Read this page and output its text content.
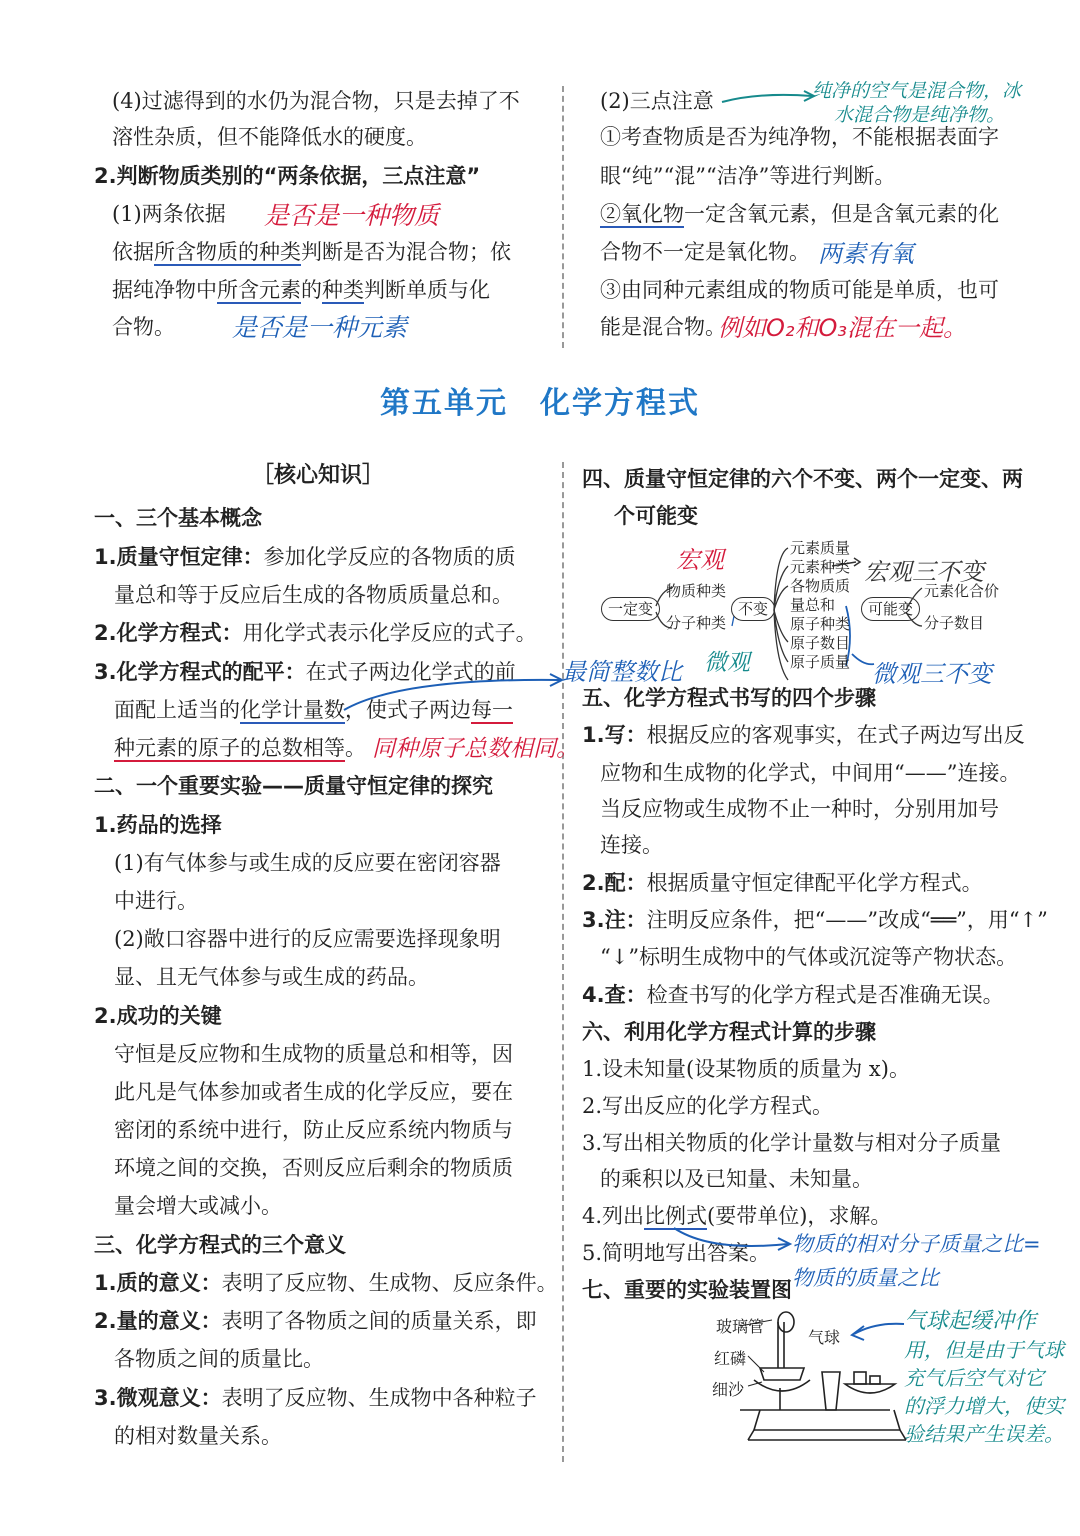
(4)过滤得到的水仍为混合物，只是去掉了不
溶性杂质，但不能降低水的硬度。
2.判断物质类别的“两条依据，三点注意”
(1)两条依据 是否是一种物质
依据所含物质的种类判断是否为混合物；依
据纯净物中所含元素的种类判断单质与化
合物。 是否是一种元素
(2)三点注意	纯净的空气是混合物，冰
水混合物是纯净物。
①考查物质是否为纯净物，不能根据表面字
眼“纯”“混”“洁净”等进行判断。
②氧化物一定含氧元素，但是含氧元素的化
合物不一定是氧化物。 两素有氧
③由同种元素组成的物质可能是单质，也可
能是混合物。
例如O₂和O₃混在一起。
第五单元　化学方程式
［核心知识］
一、三个基本概念
1.质量守恒定律：参加化学反应的各物质的质
量总和等于反应后生成的各物质质量总和。
2.化学方程式：用化学式表示化学反应的式子。
3.化学方程式的配平：在式子两边化学式的前 最简整数比
面配上适当的化学计量数，使式子两边每一
种元素的原子的总数相等。 同种原子总数相同。
二、一个重要实验——质量守恒定律的探究
1.药品的选择
(1)有气体参与或生成的反应要在密闭容器
中进行。
(2)敞口容器中进行的反应需要选择现象明
显、且无气体参与或生成的药品。
2.成功的关键
守恒是反应物和生成物的质量总和相等，因
此凡是气体参加或者生成的化学反应，要在
密闭的系统中进行，防止反应系统内物质与
环境之间的交换，否则反应后剩余的物质质
量会增大或减小。
三、化学方程式的三个意义
1.质的意义：表明了反应物、生成物、反应条件。
2.量的意义：表明了各物质之间的质量关系，即
各物质之间的质量比。
3.微观意义：表明了反应物、生成物中各种粒子
的相对数量关系。
四、质量守恒定律的六个不变、两个一定变、两
个可能变
一定变
物质种类
分子种类
宏观
微观
不变
元素质量
元素种类
各物质质
量总和
原子种类
原子数目
原子质量
宏观三不变
微观三不变
可能变
元素化合价
分子数目
五、化学方程式书写的四个步骤
1.写：根据反应的客观事实，在式子两边写出反
应物和生成物的化学式，中间用“——”连接。
当反应物或生成物不止一种时，分别用加号
连接。
2.配：根据质量守恒定律配平化学方程式。
3.注：注明反应条件，把“——”改成“══”，用“↑”
“↓”标明生成物中的气体或沉淀等产物状态。
4.查：检查书写的化学方程式是否准确无误。
六、利用化学方程式计算的步骤
1.设未知量(设某物质的质量为 x)。
2.写出反应的化学方程式。
3.写出相关物质的化学计量数与相对分子质量
的乘积以及已知量、未知量。
4.列出比例式(要带单位)，求解。
5.简明地写出答案。 物质的相对分子质量之比=
物质的质量之比
七、重要的实验装置图
玻璃管
气球
红磷
细沙
气球起缓冲作
用，但是由于气球
充气后空气对它
的浮力增大，使实
验结果产生误差。
